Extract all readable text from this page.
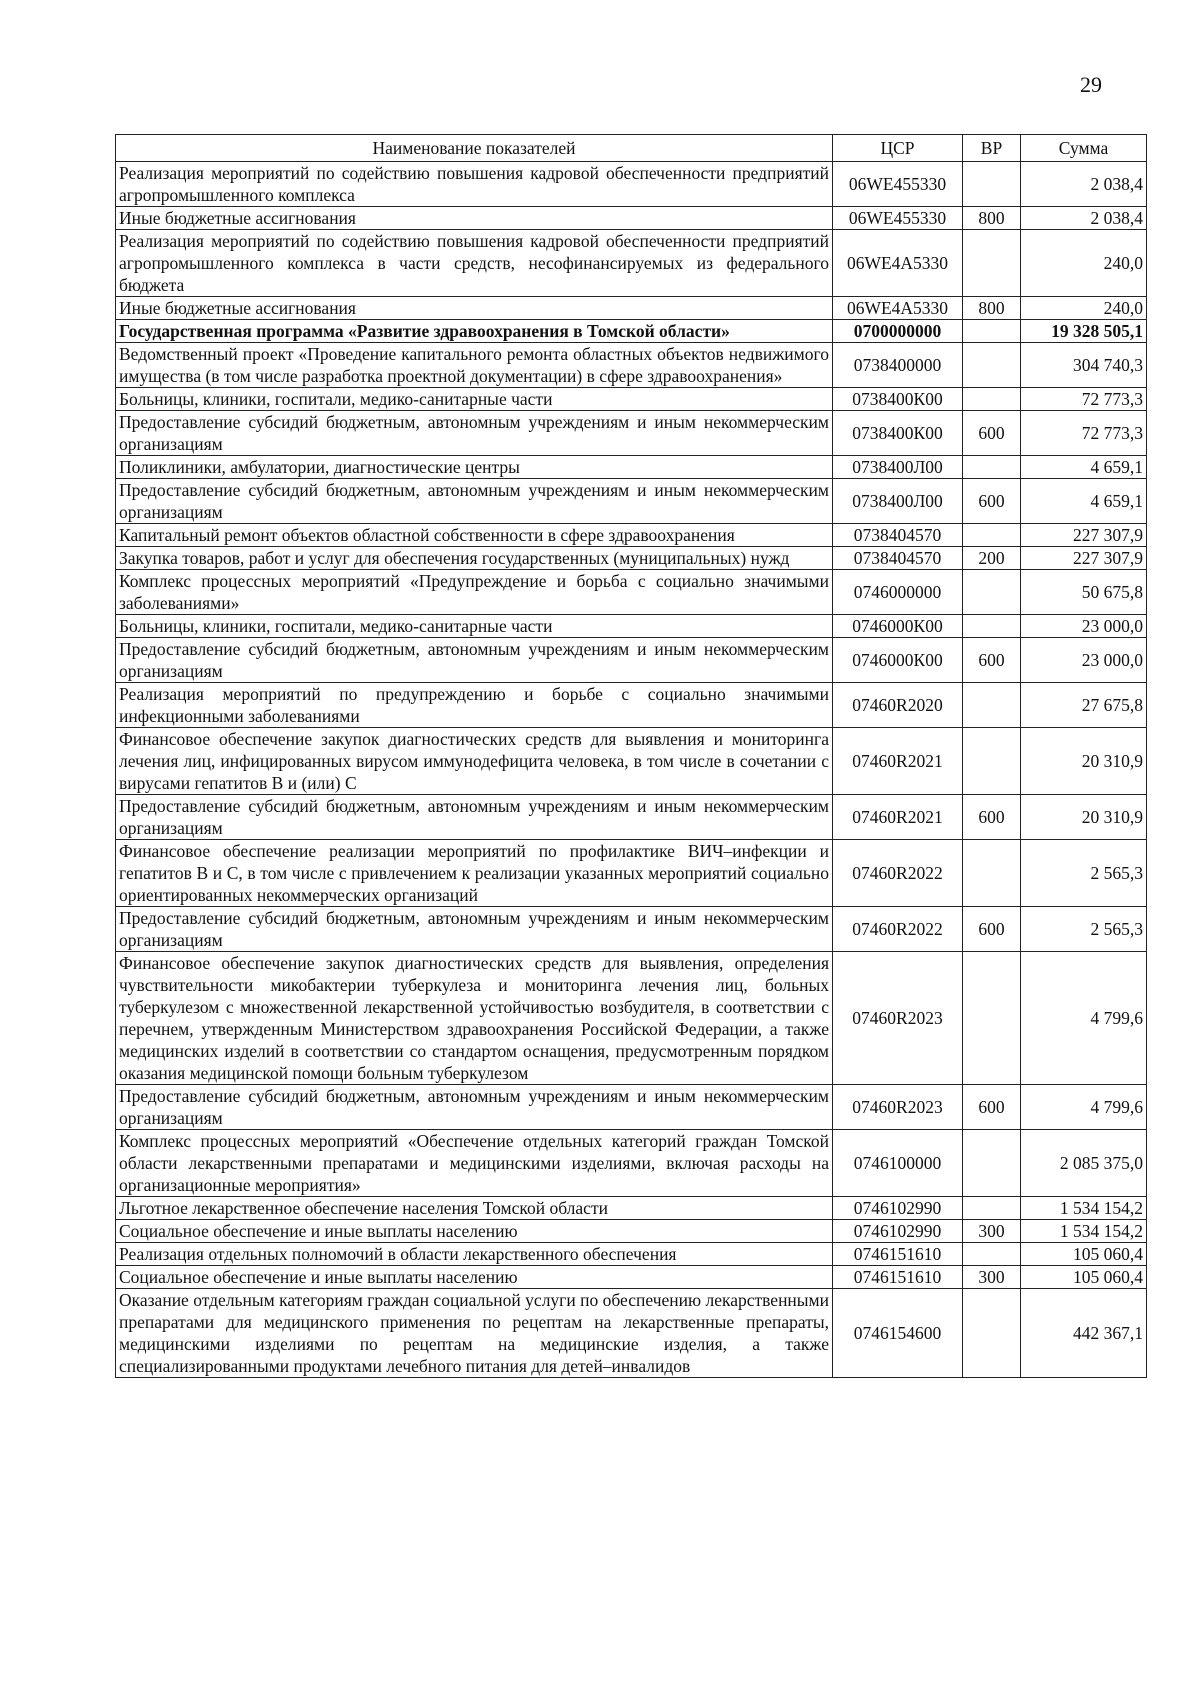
29
Наименование показателей	ЦСР	ВР	Сумма
Реализация мероприятий по содействию повышения кадровой обеспеченности предприятий агропромышленного комплекса	06WE455330		2 038,4
Иные бюджетные ассигнования	06WE455330	800	2 038,4
Реализация мероприятий по содействию повышения кадровой обеспеченности предприятий агропромышленного комплекса в части средств, несофинансируемых из федерального бюджета	06WE4A5330		240,0
Иные бюджетные ассигнования	06WE4A5330	800	240,0
Государственная программа «Развитие здравоохранения в Томской области»	0700000000		19 328 505,1
Ведомственный проект «Проведение капитального ремонта областных объектов недвижимого имущества (в том числе разработка проектной документации) в сфере здравоохранения»	0738400000		304 740,3
Больницы, клиники, госпитали, медико-санитарные части	0738400К00		72 773,3
Предоставление субсидий бюджетным, автономным учреждениям и иным некоммерческим организациям	0738400К00	600	72 773,3
Поликлиники, амбулатории, диагностические центры	0738400Л00		4 659,1
Предоставление субсидий бюджетным, автономным учреждениям и иным некоммерческим организациям	0738400Л00	600	4 659,1
Капитальный ремонт объектов областной собственности в сфере здравоохранения	0738404570		227 307,9
Закупка товаров, работ и услуг для обеспечения государственных (муниципальных) нужд	0738404570	200	227 307,9
Комплекс процессных мероприятий «Предупреждение и борьба с социально значимыми заболеваниями»	0746000000		50 675,8
Больницы, клиники, госпитали, медико-санитарные части	0746000К00		23 000,0
Предоставление субсидий бюджетным, автономным учреждениям и иным некоммерческим организациям	0746000К00	600	23 000,0
Реализация мероприятий по предупреждению и борьбе с социально значимыми инфекционными заболеваниями	07460R2020		27 675,8
Финансовое обеспечение закупок диагностических средств для выявления и мониторинга лечения лиц, инфицированных вирусом иммунодефицита человека, в том числе в сочетании с вирусами гепатитов B и (или) C	07460R2021		20 310,9
Предоставление субсидий бюджетным, автономным учреждениям и иным некоммерческим организациям	07460R2021	600	20 310,9
Финансовое обеспечение реализации мероприятий по профилактике ВИЧ–инфекции и гепатитов B и C, в том числе с привлечением к реализации указанных мероприятий социально ориентированных некоммерческих организаций	07460R2022		2 565,3
Предоставление субсидий бюджетным, автономным учреждениям и иным некоммерческим организациям	07460R2022	600	2 565,3
Финансовое обеспечение закупок диагностических средств для выявления, определения чувствительности микобактерии туберкулеза и мониторинга лечения лиц, больных туберкулезом с множественной лекарственной устойчивостью возбудителя, в соответствии с перечнем, утвержденным Министерством здравоохранения Российской Федерации, а также медицинских изделий в соответствии со стандартом оснащения, предусмотренным порядком оказания медицинской помощи больным туберкулезом	07460R2023		4 799,6
Предоставление субсидий бюджетным, автономным учреждениям и иным некоммерческим организациям	07460R2023	600	4 799,6
Комплекс процессных мероприятий «Обеспечение отдельных категорий граждан Томской области лекарственными препаратами и медицинскими изделиями, включая расходы на организационные мероприятия»	0746100000		2 085 375,0
Льготное лекарственное обеспечение населения Томской области	0746102990		1 534 154,2
Социальное обеспечение и иные выплаты населению	0746102990	300	1 534 154,2
Реализация отдельных полномочий в области лекарственного обеспечения	0746151610		105 060,4
Социальное обеспечение и иные выплаты населению	0746151610	300	105 060,4
Оказание отдельным категориям граждан социальной услуги по обеспечению лекарственными препаратами для медицинского применения по рецептам на лекарственные препараты, медицинскими изделиями по рецептам на медицинские изделия, а также специализированными продуктами лечебного питания для детей–инвалидов	0746154600		442 367,1
